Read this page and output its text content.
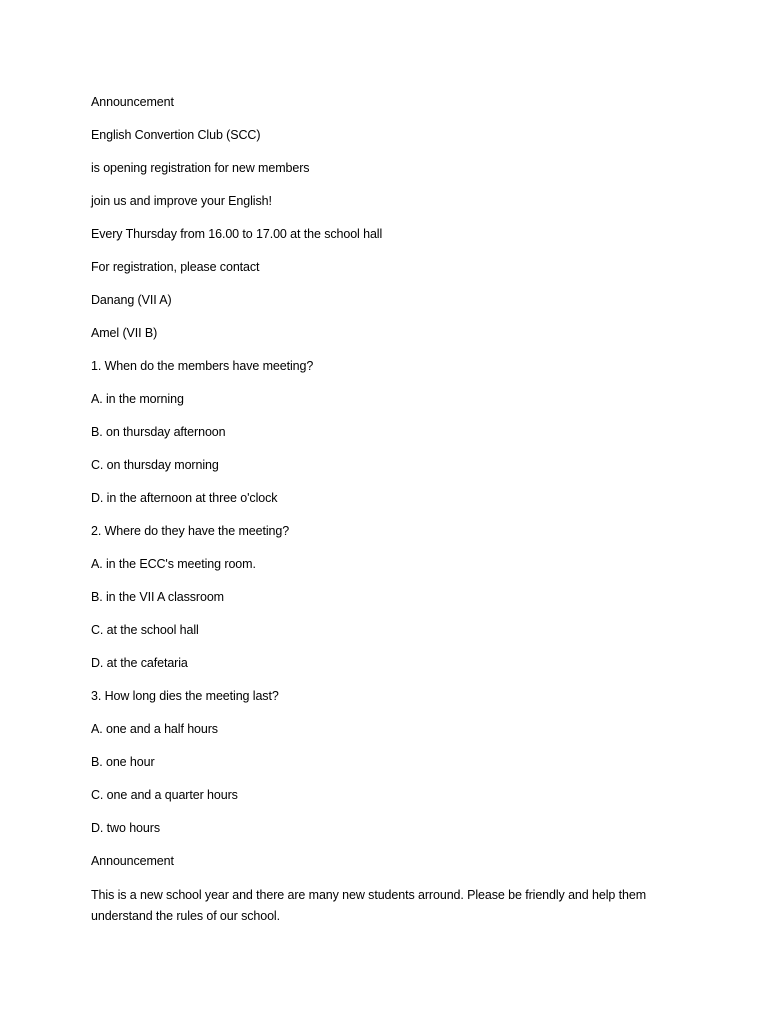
Announcement
English Convertion Club (SCC)
is opening registration for new members
join us and improve your English!
Every Thursday from 16.00 to 17.00 at the school hall
For registration, please contact
Danang (VII A)
Amel (VII B)
1. When do the members have meeting?
A. in the morning
B. on thursday afternoon
C. on thursday morning
D. in the afternoon at three o'clock
2. Where do they have the meeting?
A. in the ECC's meeting room.
B. in the VII A classroom
C. at the school hall
D. at the cafetaria
3. How long dies the meeting last?
A. one and a half hours
B. one hour
C. one and a quarter hours
D. two hours
Announcement

This is a new school year and there are many new students arround. Please be friendly and help them understand the rules of our school.
